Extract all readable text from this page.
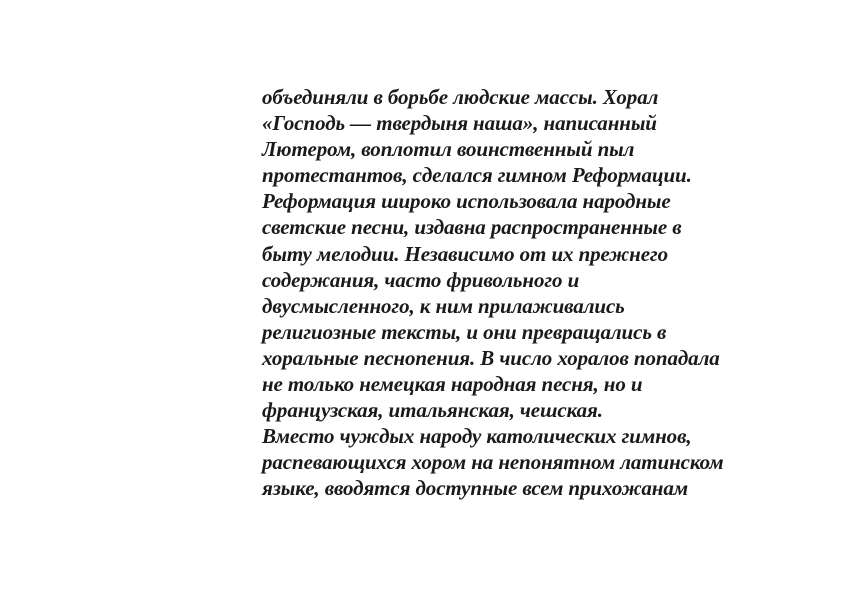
объединяли в борьбе людские массы. Хорал
«Господь — твердыня наша», написанный
Лютером, воплотил воинственный пыл
протестантов, сделался гимном Реформации.
Реформация широко использовала народные
светские песни, издавна распространенные в
быту мелодии. Независимо от их прежнего
содержания, часто фривольного и
двусмысленного, к ним прилаживались
религиозные тексты, и они превращались в
хоральные песнопения. В число хоралов попадала
не только немецкая народная песня, но и
французская, итальянская, чешская.
Вместо чуждых народу католических гимнов,
распевающихся хором на непонятном латинском
языке, вводятся доступные всем прихожанам
